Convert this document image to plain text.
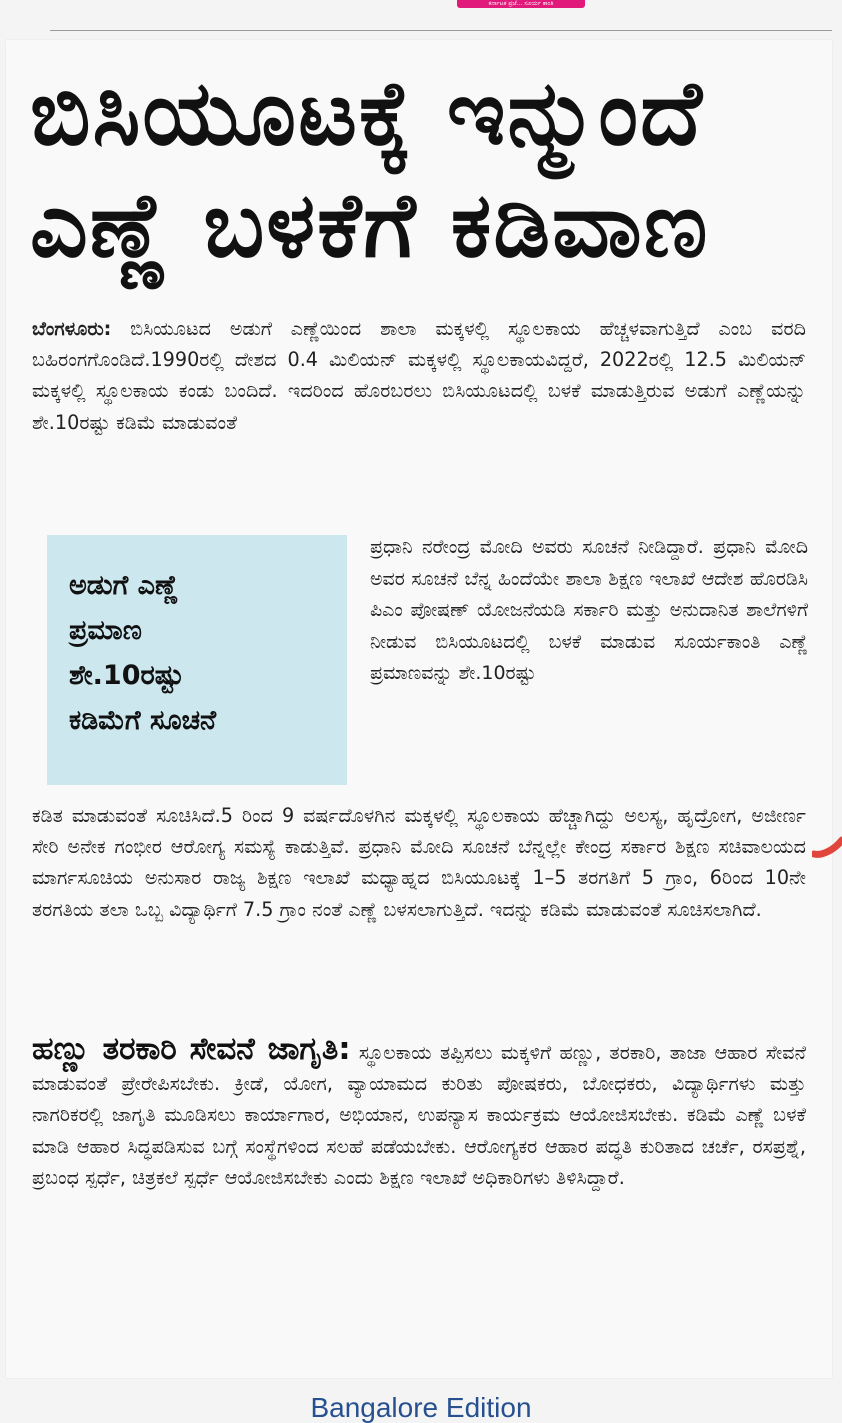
ಕರ್ನಾಟಕ ಪ್ರಜೆ... ಸೂರ್ಯ ಕಾಂತಿ
ಬಿಸಿಯೂಟಕ್ಕೆ ಇನ್ಮುಂದೆ
ಎಣ್ಣೆ ಬಳಕೆಗೆ ಕಡಿವಾಣ
ಬೆಂಗಳೂರು: ಬಿಸಿಯೂಟದ ಅಡುಗೆ ಎಣ್ಣೆಯಿಂದ ಶಾಲಾ ಮಕ್ಕಳಲ್ಲಿ ಸ್ಥೂಲಕಾಯ ಹೆಚ್ಚಳವಾಗುತ್ತಿದೆ ಎಂಬ ವರದಿ ಬಹಿರಂಗಗೊಂಡಿದೆ.1990ರಲ್ಲಿ ದೇಶದ 0.4 ಮಿಲಿಯನ್ ಮಕ್ಕಳಲ್ಲಿ ಸ್ಥೂಲಕಾಯವಿದ್ದರೆ, 2022ರಲ್ಲಿ 12.5 ಮಿಲಿಯನ್ ಮಕ್ಕಳಲ್ಲಿ ಸ್ಥೂಲಕಾಯ ಕಂಡು ಬಂದಿದೆ. ಇದರಿಂದ ಹೊರಬರಲು ಬಿಸಿಯೂಟದಲ್ಲಿ ಬಳಕೆ ಮಾಡುತ್ತಿರುವ ಅಡುಗೆ ಎಣ್ಣೆಯನ್ನು ಶೇ.10ರಷ್ಟು ಕಡಿಮೆ ಮಾಡುವಂತೆ
ಅಡುಗೆ ಎಣ್ಣೆ
ಪ್ರಮಾಣ
ಶೇ.10ರಷ್ಟು
ಕಡಿಮೆಗೆ ಸೂಚನೆ
ಪ್ರಧಾನಿ ನರೇಂದ್ರ ಮೋದಿ ಅವರು ಸೂಚನೆ ನೀಡಿದ್ದಾರೆ. ಪ್ರಧಾನಿ ಮೋದಿ ಅವರ ಸೂಚನೆ ಬೆನ್ನ ಹಿಂದೆಯೇ ಶಾಲಾ ಶಿಕ್ಷಣ ಇಲಾಖೆ ಆದೇಶ ಹೊರಡಿಸಿ ಪಿಎಂ ಪೋಷಣ್ ಯೋಜನೆಯಡಿ ಸರ್ಕಾರಿ ಮತ್ತು ಅನುದಾನಿತ ಶಾಲೆಗಳಿಗೆ ನೀಡುವ ಬಿಸಿಯೂಟದಲ್ಲಿ ಬಳಕೆ ಮಾಡುವ ಸೂರ್ಯಕಾಂತಿ ಎಣ್ಣೆ ಪ್ರಮಾಣವನ್ನು ಶೇ.10ರಷ್ಟು
ಕಡಿತ ಮಾಡುವಂತೆ ಸೂಚಿಸಿದೆ.5 ರಿಂದ 9 ವರ್ಷದೊಳಗಿನ ಮಕ್ಕಳಲ್ಲಿ ಸ್ಥೂಲಕಾಯ ಹೆಚ್ಚಾಗಿದ್ದು ಅಲಸ್ಯ, ಹೃದ್ರೋಗ, ಅಜೀರ್ಣ ಸೇರಿ ಅನೇಕ ಗಂಭೀರ ಆರೋಗ್ಯ ಸಮಸ್ಯೆ ಕಾಡುತ್ತಿವೆ. ಪ್ರಧಾನಿ ಮೋದಿ ಸೂಚನೆ ಬೆನ್ನಲ್ಲೇ ಕೇಂದ್ರ ಸರ್ಕಾರ ಶಿಕ್ಷಣ ಸಚಿವಾಲಯದ ಮಾರ್ಗಸೂಚಿಯ ಅನುಸಾರ ರಾಜ್ಯ ಶಿಕ್ಷಣ ಇಲಾಖೆ ಮಧ್ಯಾಹ್ನದ ಬಿಸಿಯೂಟಕ್ಕೆ 1–5 ತರಗತಿಗೆ 5 ಗ್ರಾಂ, 6ರಿಂದ 10ನೇ ತರಗತಿಯ ತಲಾ ಒಬ್ಬ ವಿದ್ಯಾರ್ಥಿಗೆ 7.5 ಗ್ರಾಂ ನಂತೆ ಎಣ್ಣೆ ಬಳಸಲಾಗುತ್ತಿದೆ. ಇದನ್ನು ಕಡಿಮೆ ಮಾಡುವಂತೆ ಸೂಚಿಸಲಾಗಿದೆ.
ಹಣ್ಣು ತರಕಾರಿ ಸೇವನೆ ಜಾಗೃತಿ: ಸ್ಥೂಲಕಾಯ ತಪ್ಪಿಸಲು ಮಕ್ಕಳಿಗೆ ಹಣ್ಣು, ತರಕಾರಿ, ತಾಜಾ ಆಹಾರ ಸೇವನೆ ಮಾಡುವಂತೆ ಪ್ರೇರೇಪಿಸಬೇಕು. ಕ್ರೀಡೆ, ಯೋಗ, ವ್ಯಾಯಾಮದ ಕುರಿತು ಪೋಷಕರು, ಬೋಧಕರು, ವಿದ್ಯಾರ್ಥಿಗಳು ಮತ್ತು ನಾಗರಿಕರಲ್ಲಿ ಜಾಗೃತಿ ಮೂಡಿಸಲು ಕಾರ್ಯಾಗಾರ, ಅಭಿಯಾನ, ಉಪನ್ಯಾಸ ಕಾರ್ಯಕ್ರಮ ಆಯೋಜಿಸಬೇಕು. ಕಡಿಮೆ ಎಣ್ಣೆ ಬಳಕೆ ಮಾಡಿ ಆಹಾರ ಸಿದ್ಧಪಡಿಸುವ ಬಗ್ಗೆ ಸಂಸ್ಥೆಗಳಿಂದ ಸಲಹೆ ಪಡೆಯಬೇಕು. ಆರೋಗ್ಯಕರ ಆಹಾರ ಪದ್ಧತಿ ಕುರಿತಾದ ಚರ್ಚೆ, ರಸಪ್ರಶ್ನೆ, ಪ್ರಬಂಧ ಸ್ಪರ್ಧೆ, ಚಿತ್ರಕಲೆ ಸ್ಪರ್ಧೆ ಆಯೋಜಿಸಬೇಕು ಎಂದು ಶಿಕ್ಷಣ ಇಲಾಖೆ ಅಧಿಕಾರಿಗಳು ತಿಳಿಸಿದ್ದಾರೆ.
Bangalore Edition
